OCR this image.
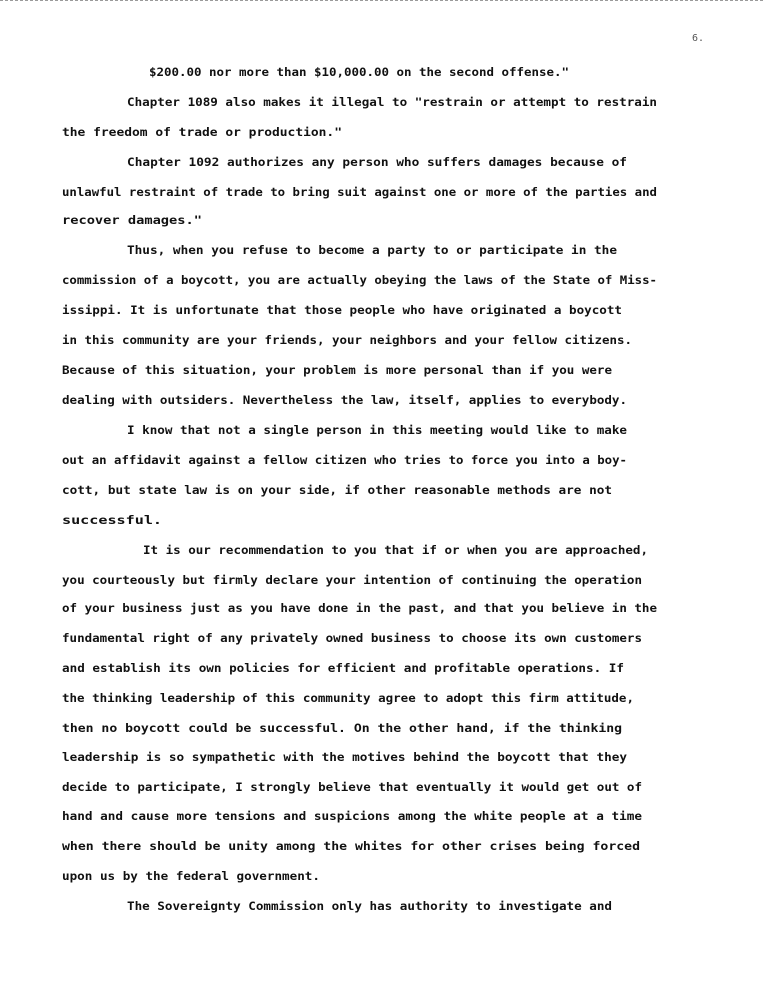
6.
$200.00 nor more than $10,000.00 on the second offense."
Chapter 1089 also makes it illegal to "restrain or attempt to restrain
the freedom of trade or production."
Chapter 1092 authorizes any person who suffers damages because of
unlawful restraint of trade to bring suit against one or more of the parties and
recover damages."
Thus, when you refuse to become a party to or participate in the
commission of a boycott, you are actually obeying the laws of the State of Miss-
issippi. It is unfortunate that those people who have originated a boycott
in this community are your friends, your neighbors and your fellow citizens.
Because of this situation, your problem is more personal than if you were
dealing with outsiders. Nevertheless the law, itself, applies to everybody.
I know that not a single person in this meeting would like to make
out an affidavit against a fellow citizen who tries to force you into a boy-
cott, but state law is on your side, if other reasonable methods are not
successful.
It is our recommendation to you that if or when you are approached,
you courteously but firmly declare your intention of continuing the operation
of your business just as you have done in the past, and that you believe in the
fundamental right of any privately owned business to choose its own customers
and establish its own policies for efficient and profitable operations. If
the thinking leadership of this community agree to adopt this firm attitude,
then no boycott could be successful. On the other hand, if the thinking
leadership is so sympathetic with the motives behind the boycott that they
decide to participate, I strongly believe that eventually it would get out of
hand and cause more tensions and suspicions among the white people at a time
when there should be unity among the whites for other crises being forced
upon us by the federal government.
The Sovereignty Commission only has authority to investigate and
